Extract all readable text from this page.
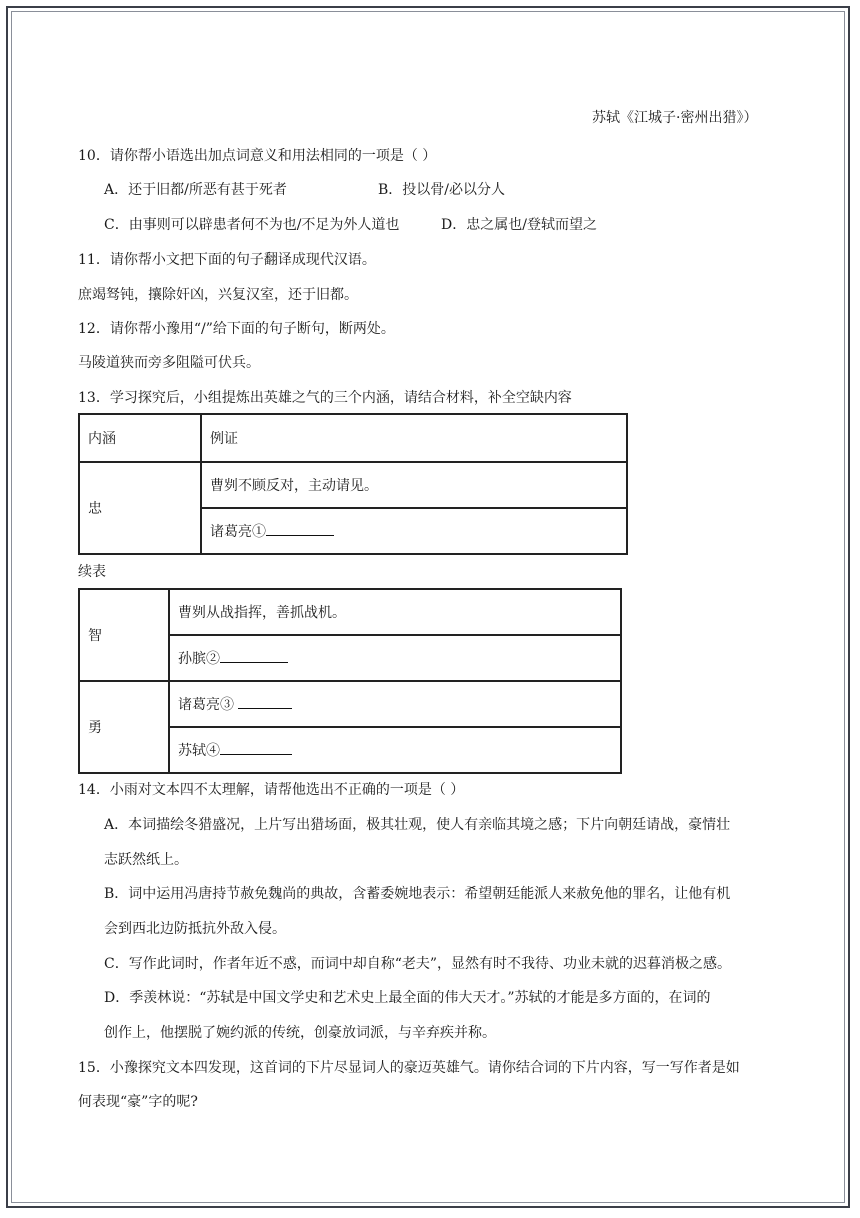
苏轼《江城子·密州出猎》）
10．请你帮小语选出加点词意义和用法相同的一项是（ ）
A．还于旧都/所恶有甚于死者	B．投以骨/必以分人
C．由事则可以辟患者何不为也/不足为外人道也	D．忠之属也/登轼而望之
11．请你帮小文把下面的句子翻译成现代汉语。
庶竭驽钝，攘除奸凶，兴复汉室，还于旧都。
12．请你帮小豫用“/”给下面的句子断句，断两处。
马陵道狭而旁多阻隘可伏兵。
13．学习探究后，小组提炼出英雄之气的三个内涵，请结合材料，补全空缺内容
内涵	例证
忠	曹刿不顾反对，主动请见。
	诸葛亮①
续表
智	曹刿从战指挥，善抓战机。
	孙膑②
勇	诸葛亮③
	苏轼④
14．小雨对文本四不太理解，请帮他选出不正确的一项是（ ）
A．本词描绘冬猎盛况，上片写出猎场面，极其壮观，使人有亲临其境之感；下片向朝廷请战，豪情壮
志跃然纸上。
B．词中运用冯唐持节赦免魏尚的典故，含蓄委婉地表示：希望朝廷能派人来赦免他的罪名，让他有机
会到西北边防抵抗外敌入侵。
C．写作此词时，作者年近不惑，而词中却自称“老夫”，显然有时不我待、功业未就的迟暮消极之感。
D．季羡林说：“苏轼是中国文学史和艺术史上最全面的伟大天才。”苏轼的才能是多方面的，在词的
创作上，他摆脱了婉约派的传统，创豪放词派，与辛弃疾并称。
15．小豫探究文本四发现，这首词的下片尽显词人的豪迈英雄气。请你结合词的下片内容，写一写作者是如
何表现“豪”字的呢?
